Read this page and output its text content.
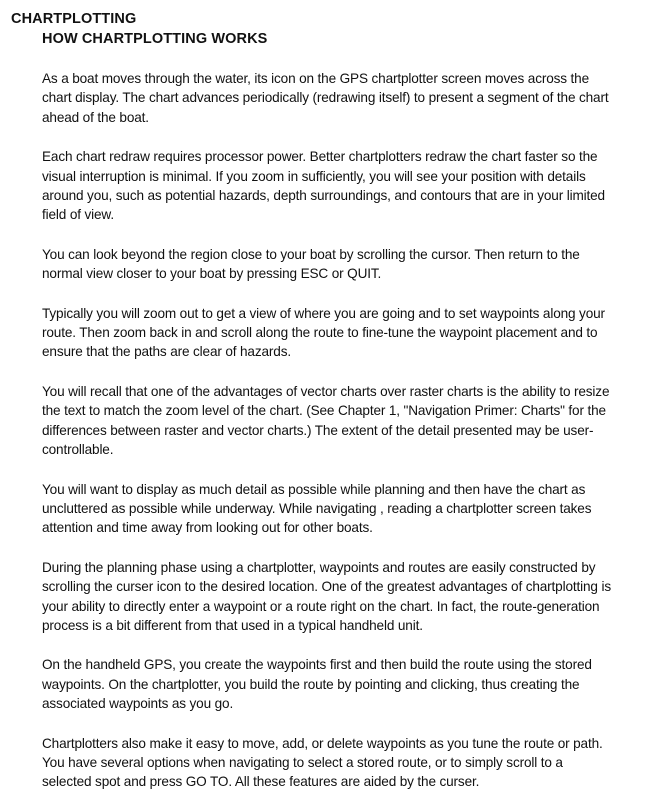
CHARTPLOTTING
HOW CHARTPLOTTING WORKS

As a boat moves through the water, its icon on the GPS chartplotter screen moves across the chart display. The chart advances periodically (redrawing itself) to present a segment of the chart ahead of the boat.

Each chart redraw requires processor power. Better chartplotters redraw the chart faster so the visual interruption is minimal. If you zoom in sufficiently, you will see your position with details around you, such as potential hazards, depth surroundings, and contours that are in your limited field of view.

You can look beyond the region close to your boat by scrolling the cursor. Then return to the normal view closer to your boat by pressing ESC or QUIT.

Typically you will zoom out to get a view of where you are going and to set waypoints along your route. Then zoom back in and scroll along the route to fine-tune the waypoint placement and to ensure that the paths are clear of hazards.

You will recall that one of the advantages of vector charts over raster charts is the ability to resize the text to match the zoom level of the chart. (See Chapter 1, "Navigation Primer: Charts" for the differences between raster and vector charts.) The extent of the detail presented may be user-controllable.

You will want to display as much detail as possible while planning and then have the chart as uncluttered as possible while underway. While navigating , reading a chartplotter screen takes attention and time away from looking out for other boats.

During the planning phase using a chartplotter, waypoints and routes are easily constructed by scrolling the curser icon to the desired location. One of the greatest advantages of chartplotting is your ability to directly enter a waypoint or a route right on the chart. In fact, the route-generation process is a bit different from that used in a typical handheld unit.

On the handheld GPS, you create the waypoints first and then build the route using the stored waypoints. On the chartplotter, you build the route by pointing and clicking, thus creating the associated waypoints as you go.

Chartplotters also make it easy to move, add, or delete waypoints as you tune the route or path. You have several options when navigating to select a stored route, or to simply scroll to a selected spot and press GO TO. All these features are aided by the curser.
